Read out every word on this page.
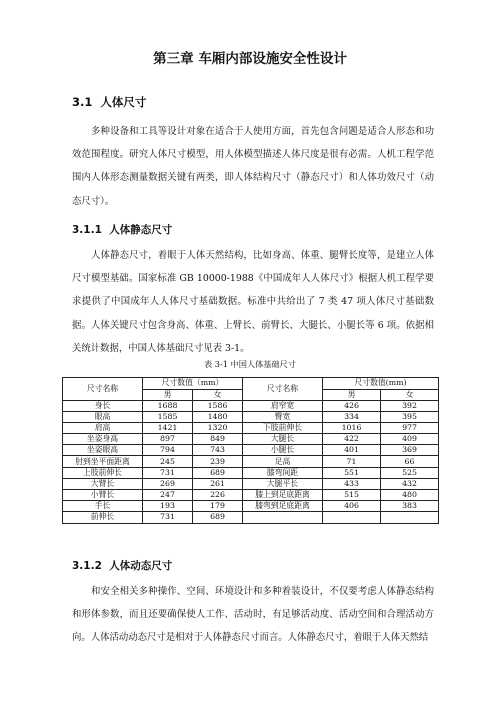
第三章 车厢内部设施安全性设计
3.1 人体尺寸

多种设备和工具等设计对象在适合于人使用方面，首先包含问题是适合人形态和功效范围程度。研究人体尺寸模型，用人体模型描述人体尺度是很有必需。人机工程学范围内人体形态测量数据关键有两类，即人体结构尺寸（静态尺寸）和人体功效尺寸（动态尺寸）。

3.1.1 人体静态尺寸

人体静态尺寸，着眼于人体天然结构，比如身高、体重、腿臂长度等，是建立人体尺寸模型基础。国家标准 GB 10000-1988《中国成年人人体尺寸》根据人机工程学要求提供了中国成年人人体尺寸基础数据。标准中共给出了 7 类 47 项人体尺寸基础数据。人体关键尺寸包含身高、体重、上臂长、前臂长、大腿长、小腿长等 6 项。依据相关统计数据，中国人体基础尺寸见表 3-1。

表 3-1 中国人体基础尺寸
尺寸名称	尺寸数值（mm）		尺寸名称	尺寸数值(mm)	
	男	女		男	女
身长	1688	1586	肩窄宽	426	392
眼高	1585	1480	臀宽	334	395
肩高	1421	1320	下肢前伸长	1016	977
坐姿身高	897	849	大腿长	422	409
坐姿眼高	794	743	小腿长	401	369
肘到坐平面距离	245	239	足高	71	66
上肢前伸长	731	689	膝弯间距	551	525
大臂长	269	261	大腿平长	433	432
小臂长	247	226	膝上到足底距离	515	480
手长	193	179	膝弯到足底距离	406	383
前伸长	731	689			
3.1.2 人体动态尺寸

和安全相关多种操作、空间、环境设计和多种着装设计，不仅要考虑人体静态结构和形体参数，而且还要确保使人工作、活动时，有足够活动度、活动空间和合理活动方向。人体活动动态尺寸是相对于人体静态尺寸而言。人体静态尺寸，着眼于人体天然结
